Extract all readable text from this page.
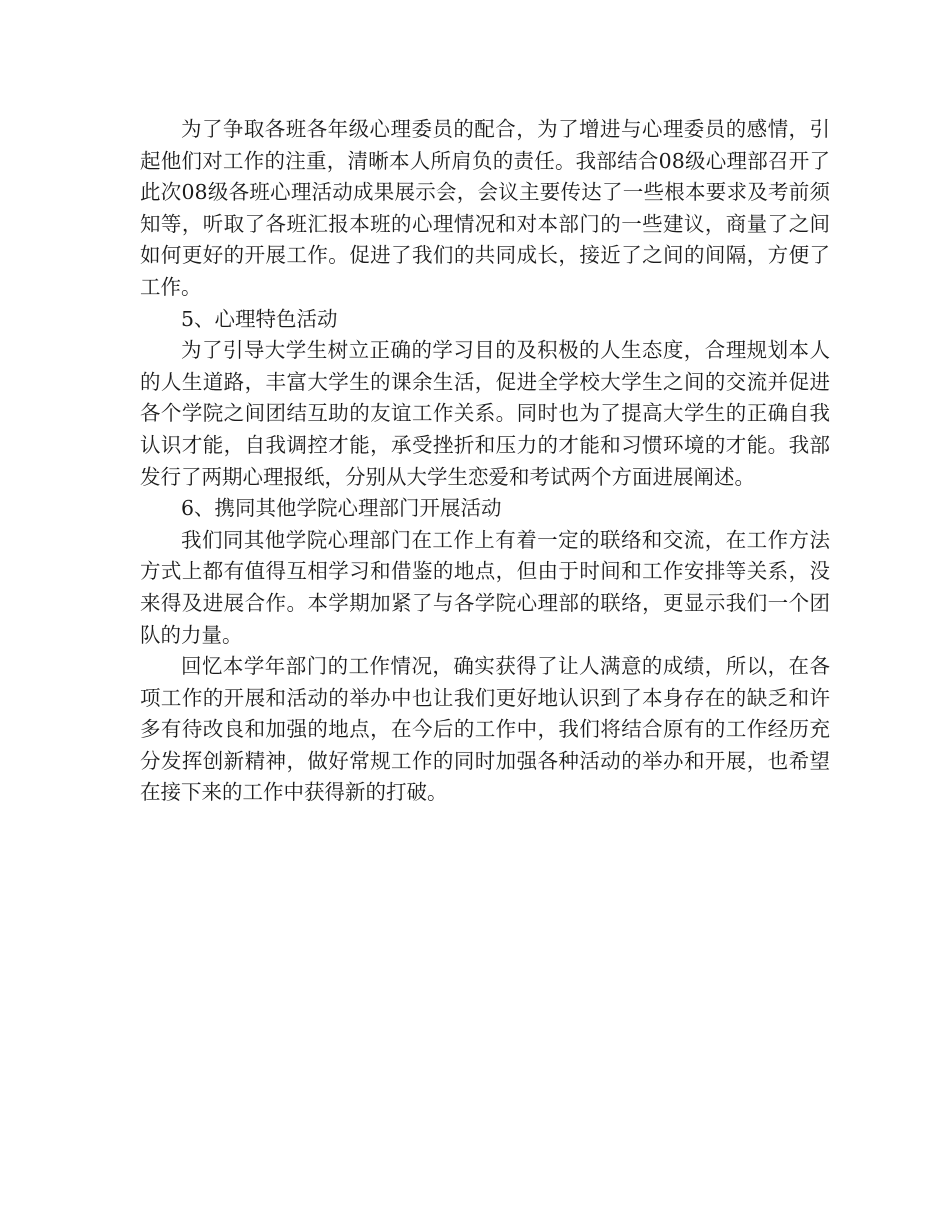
为了争取各班各年级心理委员的配合，为了增进与心理委员的感情，引起他们对工作的注重，清晰本人所肩负的责任。我部结合08级心理部召开了此次08级各班心理活动成果展示会，会议主要传达了一些根本要求及考前须知等，听取了各班汇报本班的心理情况和对本部门的一些建议，商量了之间如何更好的开展工作。促进了我们的共同成长，接近了之间的间隔，方便了工作。

5、心理特色活动

为了引导大学生树立正确的学习目的及积极的人生态度，合理规划本人的人生道路，丰富大学生的课余生活，促进全学校大学生之间的交流并促进各个学院之间团结互助的友谊工作关系。同时也为了提高大学生的正确自我认识才能，自我调控才能，承受挫折和压力的才能和习惯环境的才能。我部发行了两期心理报纸，分别从大学生恋爱和考试两个方面进展阐述。

6、携同其他学院心理部门开展活动

我们同其他学院心理部门在工作上有着一定的联络和交流，在工作方法方式上都有值得互相学习和借鉴的地点，但由于时间和工作安排等关系，没来得及进展合作。本学期加紧了与各学院心理部的联络，更显示我们一个团队的力量。

回忆本学年部门的工作情况，确实获得了让人满意的成绩，所以，在各项工作的开展和活动的举办中也让我们更好地认识到了本身存在的缺乏和许多有待改良和加强的地点，在今后的工作中，我们将结合原有的工作经历充分发挥创新精神，做好常规工作的同时加强各种活动的举办和开展，也希望在接下来的工作中获得新的打破。
